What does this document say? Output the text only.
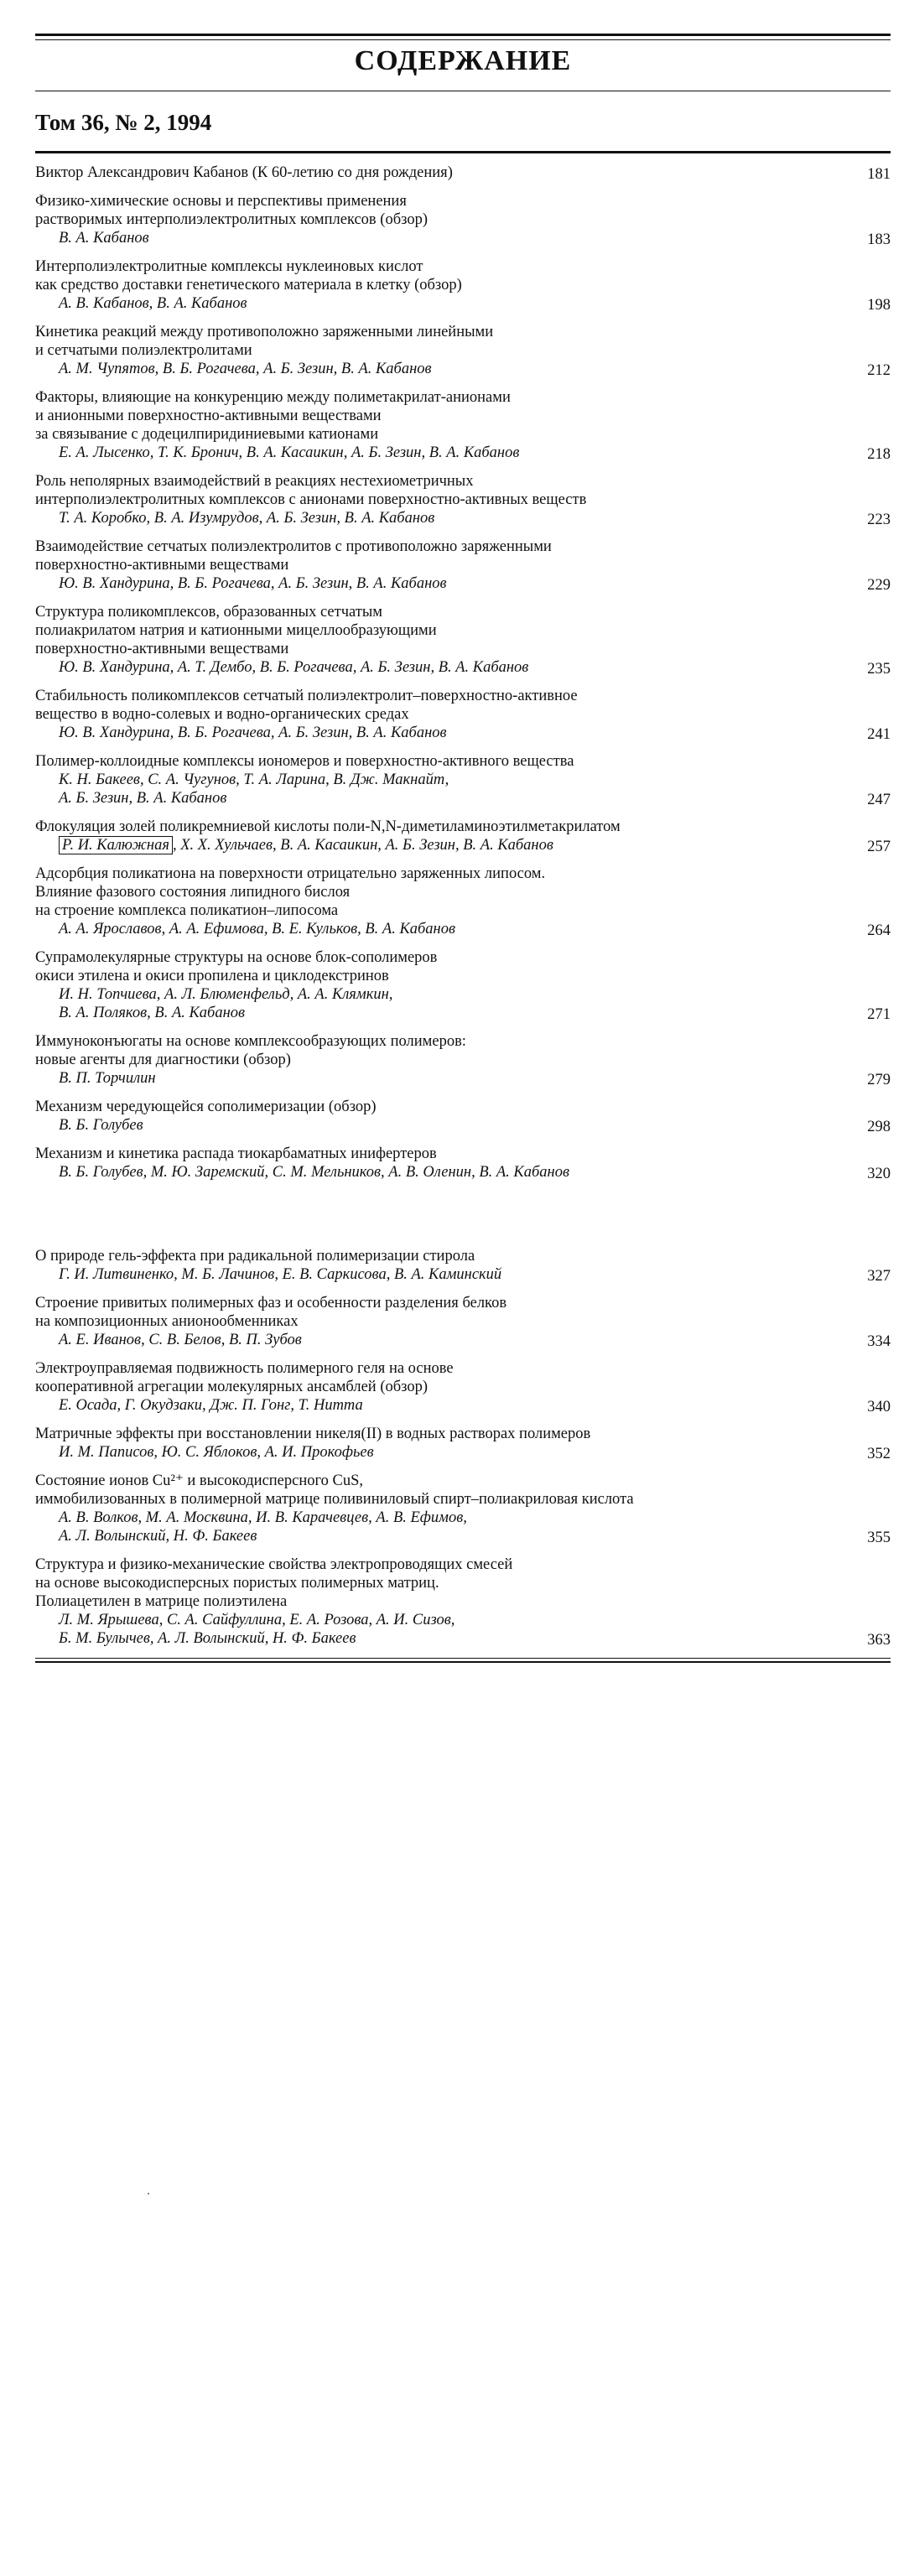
СОДЕРЖАНИЕ
Том 36, № 2, 1994
Виктор Александрович Кабанов (К 60-летию со дня рождения)	181
Физико-химические основы и перспективы применения
растворимых интерполиэлектролитных комплексов (обзор)
В. А. Кабанов	183
Интерполиэлектролитные комплексы нуклеиновых кислот
как средство доставки генетического материала в клетку (обзор)
А. В. Кабанов, В. А. Кабанов	198
Кинетика реакций между противоположно заряженными линейными
и сетчатыми полиэлектролитами
А. М. Чупятов, В. Б. Рогачева, А. Б. Зезин, В. А. Кабанов	212
Факторы, влияющие на конкуренцию между полиметакрилат-анионами
и анионными поверхностно-активными веществами
за связывание с додецилпиридиниевыми катионами
Е. А. Лысенко, Т. К. Бронич, В. А. Касаикин, А. Б. Зезин, В. А. Кабанов	218
Роль неполярных взаимодействий в реакциях нестехиометричных
интерполиэлектролитных комплексов с анионами поверхностно-активных веществ
Т. А. Коробко, В. А. Изумрудов, А. Б. Зезин, В. А. Кабанов	223
Взаимодействие сетчатых полиэлектролитов с противоположно заряженными
поверхностно-активными веществами
Ю. В. Хандурина, В. Б. Рогачева, А. Б. Зезин, В. А. Кабанов	229
Структура поликомплексов, образованных сетчатым
полиакрилатом натрия и катионными мицеллообразующими
поверхностно-активными веществами
Ю. В. Хандурина, А. Т. Дембо, В. Б. Рогачева, А. Б. Зезин, В. А. Кабанов	235
Стабильность поликомплексов сетчатый полиэлектролит–поверхностно-активное
вещество в водно-солевых и водно-органических средах
Ю. В. Хандурина, В. Б. Рогачева, А. Б. Зезин, В. А. Кабанов	241
Полимер-коллоидные комплексы иономеров и поверхностно-активного вещества
К. Н. Бакеев, С. А. Чугунов, Т. А. Ларина, В. Дж. Макнайт,
А. Б. Зезин, В. А. Кабанов	247
Флокуляция золей поликремниевой кислоты поли-N,N-диметиламиноэтилметакрилатом
Р. И. Калюжная , Х. Х. Хульчаев, В. А. Касаикин, А. Б. Зезин, В. А. Кабанов	257
Адсорбция поликатиона на поверхности отрицательно заряженных липосом.
Влияние фазового состояния липидного бислоя
на строение комплекса поликатион–липосома
А. А. Ярославов, А. А. Ефимова, В. Е. Кульков, В. А. Кабанов	264
Супрамолекулярные структуры на основе блок-сополимеров
окиси этилена и окиси пропилена и циклодекстринов
И. Н. Топчиева, А. Л. Блюменфельд, А. А. Клямкин,
В. А. Поляков, В. А. Кабанов	271
Иммуноконъюгаты на основе комплексообразующих полимеров:
новые агенты для диагностики (обзор)
В. П. Торчилин	279
Механизм чередующейся сополимеризации (обзор)
В. Б. Голубев	298
Механизм и кинетика распада тиокарбаматных инифертеров
В. Б. Голубев, М. Ю. Заремский, С. М. Мельников, А. В. Оленин, В. А. Кабанов	320
О природе гель-эффекта при радикальной полимеризации стирола
Г. И. Литвиненко, М. Б. Лачинов, Е. В. Саркисова, В. А. Каминский	327
Строение привитых полимерных фаз и особенности разделения белков
на композиционных анионообменниках
А. Е. Иванов, С. В. Белов, В. П. Зубов	334
Электроуправляемая подвижность полимерного геля на основе
кооперативной агрегации молекулярных ансамблей (обзор)
Е. Осада, Г. Окудзаки, Дж. П. Гонг, Т. Нитта	340
Матричные эффекты при восстановлении никеля(II) в водных растворах полимеров
И. М. Паписов, Ю. С. Яблоков, А. И. Прокофьев	352
Состояние ионов Cu²⁺ и высокодисперсного CuS,
иммобилизованных в полимерной матрице поливиниловый спирт–полиакриловая кислота
А. В. Волков, М. А. Москвина, И. В. Карачевцев, А. В. Ефимов,
А. Л. Волынский, Н. Ф. Бакеев	355
Структура и физико-механические свойства электропроводящих смесей
на основе высокодисперсных пористых полимерных матриц.
Полиацетилен в матрице полиэтилена
Л. М. Ярышева, С. А. Сайфуллина, Е. А. Розова, А. И. Сизов,
Б. М. Булычев, А. Л. Волынский, Н. Ф. Бакеев	363
